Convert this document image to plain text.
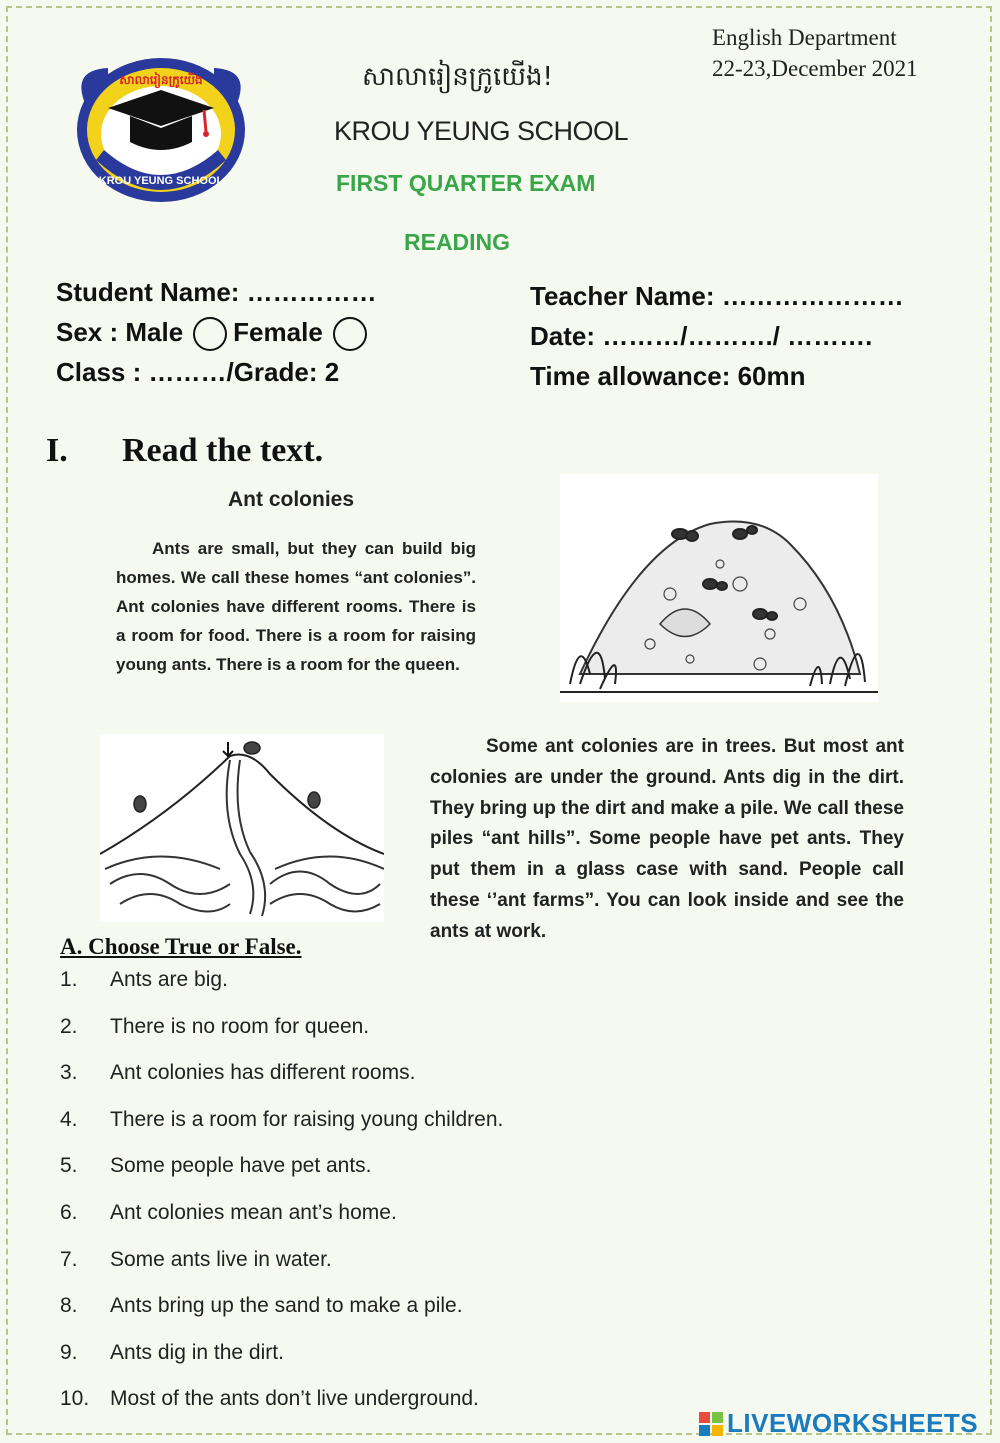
សាលារៀនក្រូយើង
KROU YEUNG SCHOOL
សាលារៀនក្រូយើង!
KROU YEUNG SCHOOL
FIRST QUARTER EXAM
READING
English Department
22-23,December 2021
Student Name: ……………
Sex : Male Female
Class : ………/Grade: 2
Teacher Name: …………………
Date: ………/………./ ……….
Time allowance: 60mn
I. Read the text.
Ant colonies
Ants are small, but they can build big homes. We call these homes “ant colonies”. Ant colonies have different rooms. There is a room for food. There is a room for raising young ants. There is a room for the queen.
Some ant colonies are in trees. But most ant colonies are under the ground. Ants dig in the dirt. They bring up the dirt and make a pile. We call these piles “ant hills”. Some people have pet ants. They put them in a glass case with sand. People call these ‘’ant farms”. You can look inside and see the ants at work.
A. Choose True or False.
1.	Ants are big.
2.	There is no room for queen.
3.	Ant colonies has different rooms.
4.	There is a room for raising young children.
5.	Some people have pet ants.
6.	Ant colonies mean ant’s home.
7.	Some ants live in water.
8.	Ants bring up the sand to make a pile.
9.	Ants dig in the dirt.
10. Most of the ants don’t live underground.
LIVEWORKSHEETS
